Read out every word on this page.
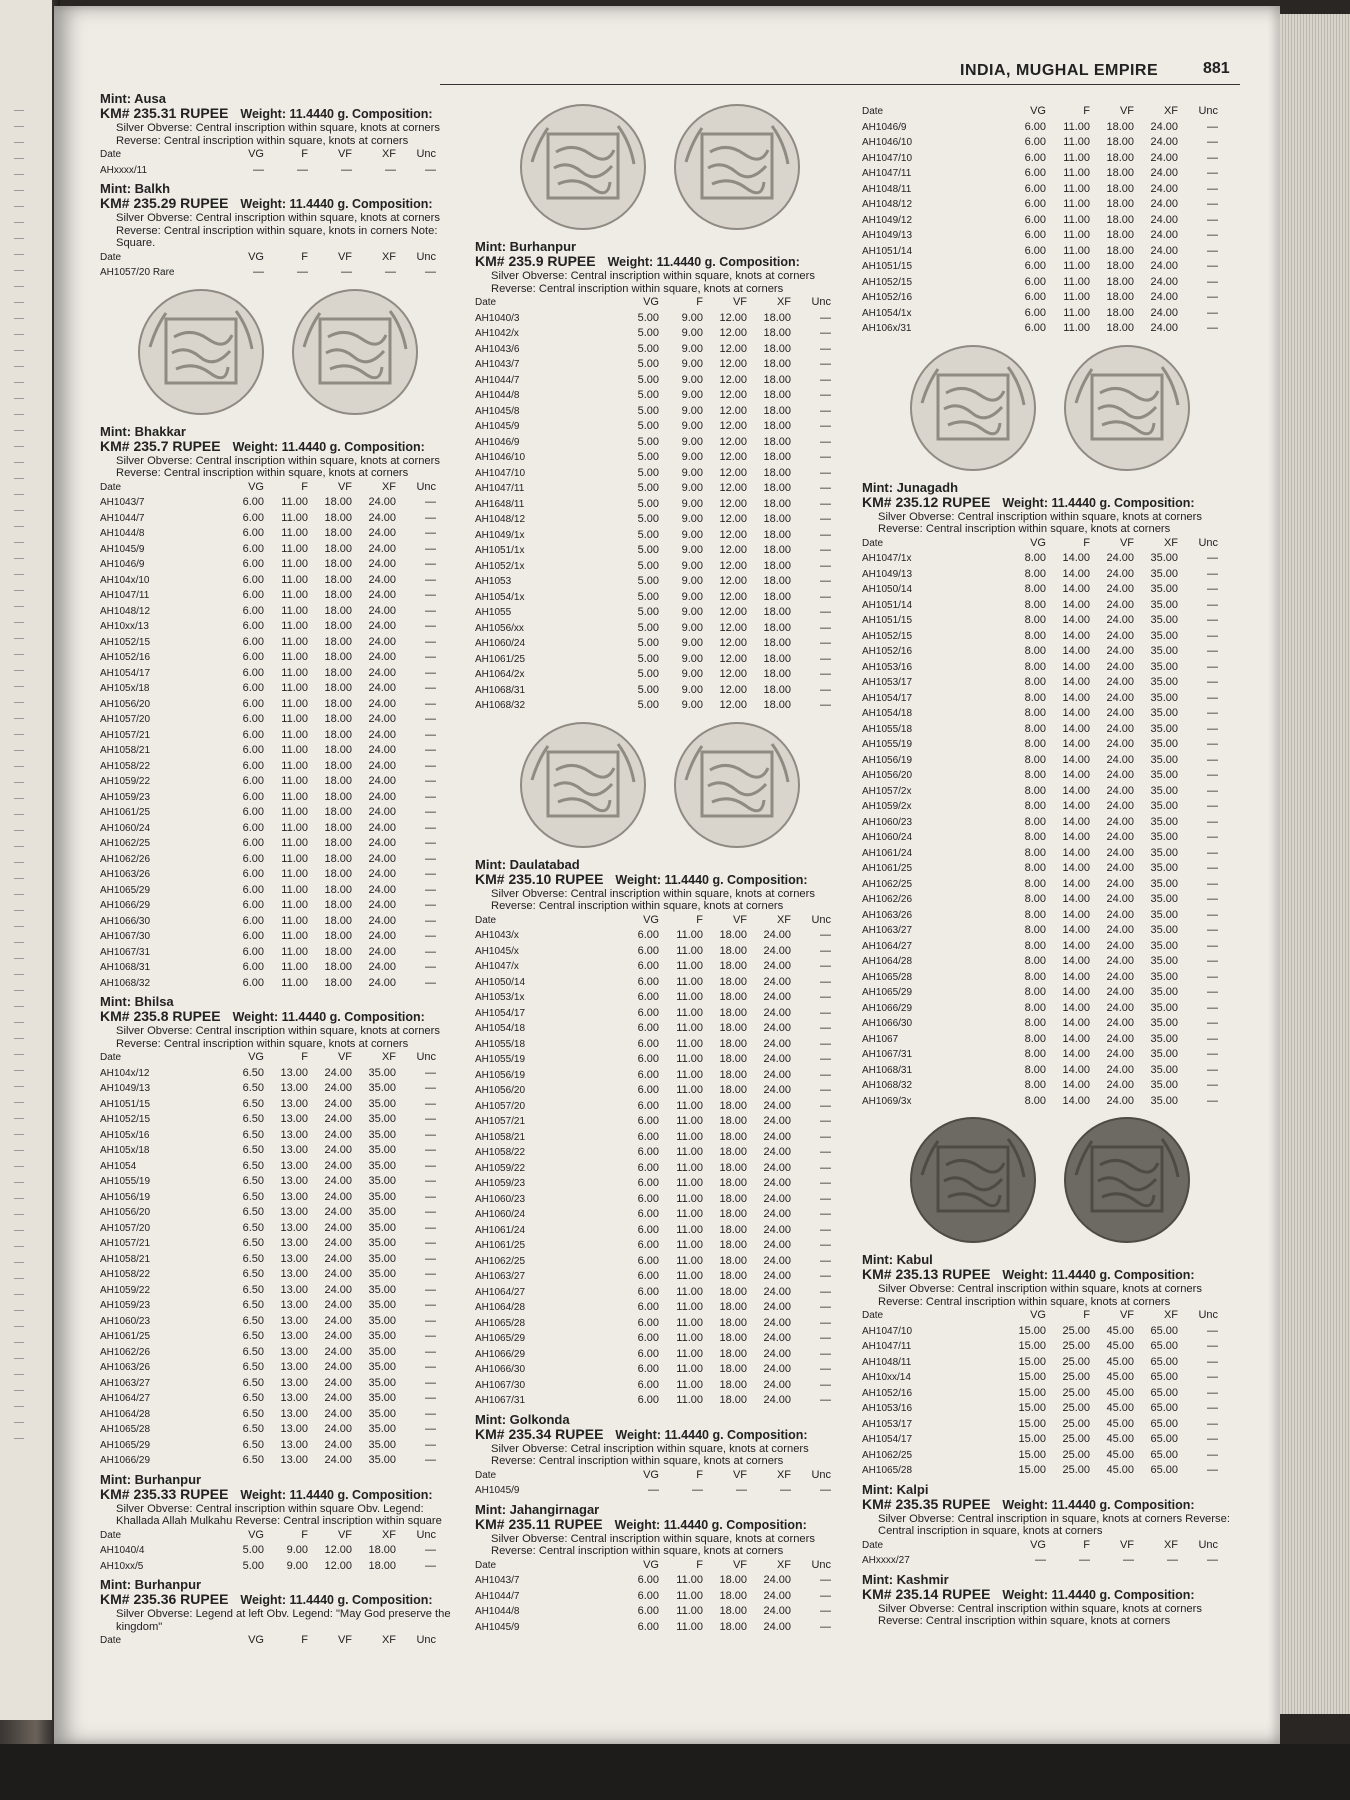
INDIA, MUGHAL EMPIRE	881
Mint: Ausa
KM# 235.31 RUPEE Weight: 11.4440 g. Composition:
Silver Obverse: Central inscription within square, knots at corners Reverse: Central inscription within square, knots at corners
Date	VG	F	VF	XF	Unc
AHxxxx/11	—	—	—	—	—
Mint: Balkh
KM# 235.29 RUPEE Weight: 11.4440 g. Composition:
Silver Obverse: Central inscription within square, knots at corners Reverse: Central inscription within square, knots in corners Note: Square.
Date	VG	F	VF	XF	Unc
AH1057/20 Rare	—	—	—	—	—
Mint: Bhakkar
KM# 235.7 RUPEE Weight: 11.4440 g. Composition:
Silver Obverse: Central inscription within square, knots at corners Reverse: Central inscription within square, knots at corners
Date	VG	F	VF	XF	Unc
AH1043/7	6.00	11.00	18.00	24.00	—
AH1044/7	6.00	11.00	18.00	24.00	—
AH1044/8	6.00	11.00	18.00	24.00	—
AH1045/9	6.00	11.00	18.00	24.00	—
AH1046/9	6.00	11.00	18.00	24.00	—
AH104x/10	6.00	11.00	18.00	24.00	—
AH1047/11	6.00	11.00	18.00	24.00	—
AH1048/12	6.00	11.00	18.00	24.00	—
AH10xx/13	6.00	11.00	18.00	24.00	—
AH1052/15	6.00	11.00	18.00	24.00	—
AH1052/16	6.00	11.00	18.00	24.00	—
AH1054/17	6.00	11.00	18.00	24.00	—
AH105x/18	6.00	11.00	18.00	24.00	—
AH1056/20	6.00	11.00	18.00	24.00	—
AH1057/20	6.00	11.00	18.00	24.00	—
AH1057/21	6.00	11.00	18.00	24.00	—
AH1058/21	6.00	11.00	18.00	24.00	—
AH1058/22	6.00	11.00	18.00	24.00	—
AH1059/22	6.00	11.00	18.00	24.00	—
AH1059/23	6.00	11.00	18.00	24.00	—
AH1061/25	6.00	11.00	18.00	24.00	—
AH1060/24	6.00	11.00	18.00	24.00	—
AH1062/25	6.00	11.00	18.00	24.00	—
AH1062/26	6.00	11.00	18.00	24.00	—
AH1063/26	6.00	11.00	18.00	24.00	—
AH1065/29	6.00	11.00	18.00	24.00	—
AH1066/29	6.00	11.00	18.00	24.00	—
AH1066/30	6.00	11.00	18.00	24.00	—
AH1067/30	6.00	11.00	18.00	24.00	—
AH1067/31	6.00	11.00	18.00	24.00	—
AH1068/31	6.00	11.00	18.00	24.00	—
AH1068/32	6.00	11.00	18.00	24.00	—
Mint: Bhilsa
KM# 235.8 RUPEE Weight: 11.4440 g. Composition:
Silver Obverse: Central inscription within square, knots at corners Reverse: Central inscription within square, knots at corners
Date	VG	F	VF	XF	Unc
AH104x/12	6.50	13.00	24.00	35.00	—
AH1049/13	6.50	13.00	24.00	35.00	—
AH1051/15	6.50	13.00	24.00	35.00	—
AH1052/15	6.50	13.00	24.00	35.00	—
AH105x/16	6.50	13.00	24.00	35.00	—
AH105x/18	6.50	13.00	24.00	35.00	—
AH1054	6.50	13.00	24.00	35.00	—
AH1055/19	6.50	13.00	24.00	35.00	—
AH1056/19	6.50	13.00	24.00	35.00	—
AH1056/20	6.50	13.00	24.00	35.00	—
AH1057/20	6.50	13.00	24.00	35.00	—
AH1057/21	6.50	13.00	24.00	35.00	—
AH1058/21	6.50	13.00	24.00	35.00	—
AH1058/22	6.50	13.00	24.00	35.00	—
AH1059/22	6.50	13.00	24.00	35.00	—
AH1059/23	6.50	13.00	24.00	35.00	—
AH1060/23	6.50	13.00	24.00	35.00	—
AH1061/25	6.50	13.00	24.00	35.00	—
AH1062/26	6.50	13.00	24.00	35.00	—
AH1063/26	6.50	13.00	24.00	35.00	—
AH1063/27	6.50	13.00	24.00	35.00	—
AH1064/27	6.50	13.00	24.00	35.00	—
AH1064/28	6.50	13.00	24.00	35.00	—
AH1065/28	6.50	13.00	24.00	35.00	—
AH1065/29	6.50	13.00	24.00	35.00	—
AH1066/29	6.50	13.00	24.00	35.00	—
Mint: Burhanpur
KM# 235.33 RUPEE Weight: 11.4440 g. Composition:
Silver Obverse: Central inscription within square Obv. Legend: Khallada Allah Mulkahu Reverse: Central inscription within square
Date	VG	F	VF	XF	Unc
AH1040/4	5.00	9.00	12.00	18.00	—
AH10xx/5	5.00	9.00	12.00	18.00	—
Mint: Burhanpur
KM# 235.36 RUPEE Weight: 11.4440 g. Composition:
Silver Obverse: Legend at left Obv. Legend: "May God preserve the kingdom"
Date	VG	F	VF	XF	Unc
Mint: Burhanpur
KM# 235.9 RUPEE Weight: 11.4440 g. Composition:
Silver Obverse: Central inscription within square, knots at corners Reverse: Central inscription within square, knots at corners
Date	VG	F	VF	XF	Unc
AH1040/3	5.00	9.00	12.00	18.00	—
AH1042/x	5.00	9.00	12.00	18.00	—
AH1043/6	5.00	9.00	12.00	18.00	—
AH1043/7	5.00	9.00	12.00	18.00	—
AH1044/7	5.00	9.00	12.00	18.00	—
AH1044/8	5.00	9.00	12.00	18.00	—
AH1045/8	5.00	9.00	12.00	18.00	—
AH1045/9	5.00	9.00	12.00	18.00	—
AH1046/9	5.00	9.00	12.00	18.00	—
AH1046/10	5.00	9.00	12.00	18.00	—
AH1047/10	5.00	9.00	12.00	18.00	—
AH1047/11	5.00	9.00	12.00	18.00	—
AH1648/11	5.00	9.00	12.00	18.00	—
AH1048/12	5.00	9.00	12.00	18.00	—
AH1049/1x	5.00	9.00	12.00	18.00	—
AH1051/1x	5.00	9.00	12.00	18.00	—
AH1052/1x	5.00	9.00	12.00	18.00	—
AH1053	5.00	9.00	12.00	18.00	—
AH1054/1x	5.00	9.00	12.00	18.00	—
AH1055	5.00	9.00	12.00	18.00	—
AH1056/xx	5.00	9.00	12.00	18.00	—
AH1060/24	5.00	9.00	12.00	18.00	—
AH1061/25	5.00	9.00	12.00	18.00	—
AH1064/2x	5.00	9.00	12.00	18.00	—
AH1068/31	5.00	9.00	12.00	18.00	—
AH1068/32	5.00	9.00	12.00	18.00	—
Mint: Daulatabad
KM# 235.10 RUPEE Weight: 11.4440 g. Composition:
Silver Obverse: Central inscription within square, knots at corners Reverse: Central inscription within square, knots at corners
Date	VG	F	VF	XF	Unc
AH1043/x	6.00	11.00	18.00	24.00	—
AH1045/x	6.00	11.00	18.00	24.00	—
AH1047/x	6.00	11.00	18.00	24.00	—
AH1050/14	6.00	11.00	18.00	24.00	—
AH1053/1x	6.00	11.00	18.00	24.00	—
AH1054/17	6.00	11.00	18.00	24.00	—
AH1054/18	6.00	11.00	18.00	24.00	—
AH1055/18	6.00	11.00	18.00	24.00	—
AH1055/19	6.00	11.00	18.00	24.00	—
AH1056/19	6.00	11.00	18.00	24.00	—
AH1056/20	6.00	11.00	18.00	24.00	—
AH1057/20	6.00	11.00	18.00	24.00	—
AH1057/21	6.00	11.00	18.00	24.00	—
AH1058/21	6.00	11.00	18.00	24.00	—
AH1058/22	6.00	11.00	18.00	24.00	—
AH1059/22	6.00	11.00	18.00	24.00	—
AH1059/23	6.00	11.00	18.00	24.00	—
AH1060/23	6.00	11.00	18.00	24.00	—
AH1060/24	6.00	11.00	18.00	24.00	—
AH1061/24	6.00	11.00	18.00	24.00	—
AH1061/25	6.00	11.00	18.00	24.00	—
AH1062/25	6.00	11.00	18.00	24.00	—
AH1063/27	6.00	11.00	18.00	24.00	—
AH1064/27	6.00	11.00	18.00	24.00	—
AH1064/28	6.00	11.00	18.00	24.00	—
AH1065/28	6.00	11.00	18.00	24.00	—
AH1065/29	6.00	11.00	18.00	24.00	—
AH1066/29	6.00	11.00	18.00	24.00	—
AH1066/30	6.00	11.00	18.00	24.00	—
AH1067/30	6.00	11.00	18.00	24.00	—
AH1067/31	6.00	11.00	18.00	24.00	—
Mint: Golkonda
KM# 235.34 RUPEE Weight: 11.4440 g. Composition:
Silver Obverse: Cetral inscription within square, knots at corners Reverse: Central inscription within square, knots at corners
Date	VG	F	VF	XF	Unc
AH1045/9	—	—	—	—	—
Mint: Jahangirnagar
KM# 235.11 RUPEE Weight: 11.4440 g. Composition:
Silver Obverse: Central inscription within square, knots at corners Reverse: Central inscription within square, knots at corners
Date	VG	F	VF	XF	Unc
AH1043/7	6.00	11.00	18.00	24.00	—
AH1044/7	6.00	11.00	18.00	24.00	—
AH1044/8	6.00	11.00	18.00	24.00	—
AH1045/9	6.00	11.00	18.00	24.00	—
Date	VG	F	VF	XF	Unc
AH1046/9	6.00	11.00	18.00	24.00	—
AH1046/10	6.00	11.00	18.00	24.00	—
AH1047/10	6.00	11.00	18.00	24.00	—
AH1047/11	6.00	11.00	18.00	24.00	—
AH1048/11	6.00	11.00	18.00	24.00	—
AH1048/12	6.00	11.00	18.00	24.00	—
AH1049/12	6.00	11.00	18.00	24.00	—
AH1049/13	6.00	11.00	18.00	24.00	—
AH1051/14	6.00	11.00	18.00	24.00	—
AH1051/15	6.00	11.00	18.00	24.00	—
AH1052/15	6.00	11.00	18.00	24.00	—
AH1052/16	6.00	11.00	18.00	24.00	—
AH1054/1x	6.00	11.00	18.00	24.00	—
AH106x/31	6.00	11.00	18.00	24.00	—
Mint: Junagadh
KM# 235.12 RUPEE Weight: 11.4440 g. Composition:
Silver Obverse: Central inscription within square, knots at corners Reverse: Central inscription within square, knots at corners
Date	VG	F	VF	XF	Unc
AH1047/1x	8.00	14.00	24.00	35.00	—
AH1049/13	8.00	14.00	24.00	35.00	—
AH1050/14	8.00	14.00	24.00	35.00	—
AH1051/14	8.00	14.00	24.00	35.00	—
AH1051/15	8.00	14.00	24.00	35.00	—
AH1052/15	8.00	14.00	24.00	35.00	—
AH1052/16	8.00	14.00	24.00	35.00	—
AH1053/16	8.00	14.00	24.00	35.00	—
AH1053/17	8.00	14.00	24.00	35.00	—
AH1054/17	8.00	14.00	24.00	35.00	—
AH1054/18	8.00	14.00	24.00	35.00	—
AH1055/18	8.00	14.00	24.00	35.00	—
AH1055/19	8.00	14.00	24.00	35.00	—
AH1056/19	8.00	14.00	24.00	35.00	—
AH1056/20	8.00	14.00	24.00	35.00	—
AH1057/2x	8.00	14.00	24.00	35.00	—
AH1059/2x	8.00	14.00	24.00	35.00	—
AH1060/23	8.00	14.00	24.00	35.00	—
AH1060/24	8.00	14.00	24.00	35.00	—
AH1061/24	8.00	14.00	24.00	35.00	—
AH1061/25	8.00	14.00	24.00	35.00	—
AH1062/25	8.00	14.00	24.00	35.00	—
AH1062/26	8.00	14.00	24.00	35.00	—
AH1063/26	8.00	14.00	24.00	35.00	—
AH1063/27	8.00	14.00	24.00	35.00	—
AH1064/27	8.00	14.00	24.00	35.00	—
AH1064/28	8.00	14.00	24.00	35.00	—
AH1065/28	8.00	14.00	24.00	35.00	—
AH1065/29	8.00	14.00	24.00	35.00	—
AH1066/29	8.00	14.00	24.00	35.00	—
AH1066/30	8.00	14.00	24.00	35.00	—
AH1067	8.00	14.00	24.00	35.00	—
AH1067/31	8.00	14.00	24.00	35.00	—
AH1068/31	8.00	14.00	24.00	35.00	—
AH1068/32	8.00	14.00	24.00	35.00	—
AH1069/3x	8.00	14.00	24.00	35.00	—
Mint: Kabul
KM# 235.13 RUPEE Weight: 11.4440 g. Composition:
Silver Obverse: Central inscription within square, knots at corners Reverse: Central inscription within square, knots at corners
Date	VG	F	VF	XF	Unc
AH1047/10	15.00	25.00	45.00	65.00	—
AH1047/11	15.00	25.00	45.00	65.00	—
AH1048/11	15.00	25.00	45.00	65.00	—
AH10xx/14	15.00	25.00	45.00	65.00	—
AH1052/16	15.00	25.00	45.00	65.00	—
AH1053/16	15.00	25.00	45.00	65.00	—
AH1053/17	15.00	25.00	45.00	65.00	—
AH1054/17	15.00	25.00	45.00	65.00	—
AH1062/25	15.00	25.00	45.00	65.00	—
AH1065/28	15.00	25.00	45.00	65.00	—
Mint: Kalpi
KM# 235.35 RUPEE Weight: 11.4440 g. Composition:
Silver Obverse: Central inscription in square, knots at corners Reverse: Central inscription in square, knots at corners
Date	VG	F	VF	XF	Unc
AHxxxx/27	—	—	—	—	—
Mint: Kashmir
KM# 235.14 RUPEE Weight: 11.4440 g. Composition:
Silver Obverse: Central inscription within square, knots at corners Reverse: Central inscription within square, knots at corners
